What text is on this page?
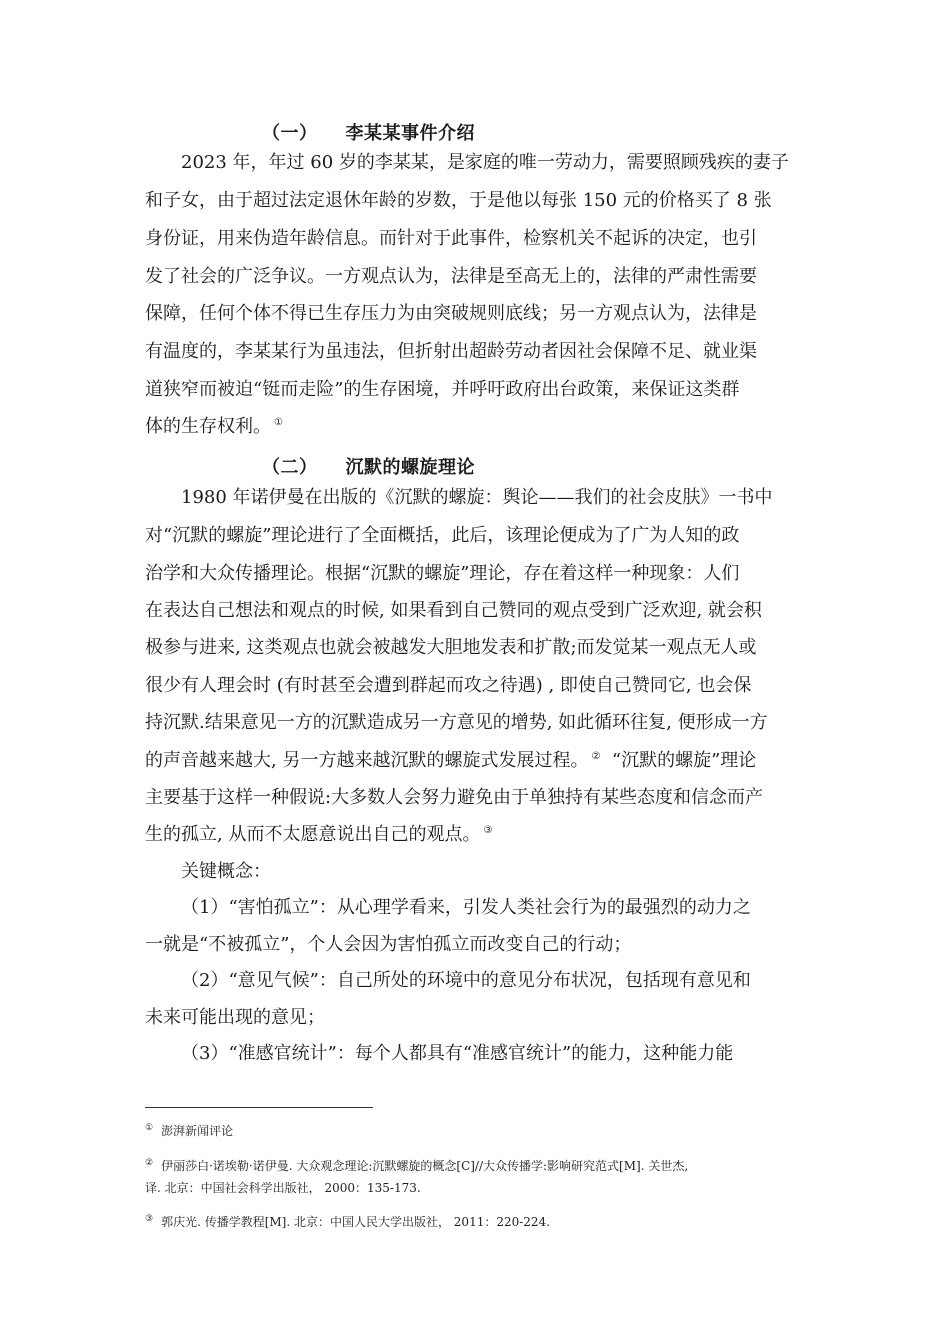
（一）　　李某某事件介绍
2023 年，年过 60 岁的李某某，是家庭的唯一劳动力，需要照顾残疾的妻子
和子女，由于超过法定退休年龄的岁数，于是他以每张 150 元的价格买了 8 张
身份证，用来伪造年龄信息。而针对于此事件，检察机关不起诉的决定，也引
发了社会的广泛争议。一方观点认为，法律是至高无上的，法律的严肃性需要
保障，任何个体不得已生存压力为由突破规则底线；另一方观点认为，法律是
有温度的，李某某行为虽违法，但折射出超龄劳动者因社会保障不足、就业渠
道狭窄而被迫“铤而走险”的生存困境，并呼吁政府出台政策，来保证这类群
体的生存权利。 ①
（二）　　沉默的螺旋理论
1980 年诺伊曼在出版的《沉默的螺旋：舆论——我们的社会皮肤》一书中
对“沉默的螺旋”理论进行了全面概括，此后，该理论便成为了广为人知的政
治学和大众传播理论。根据“沉默的螺旋”理论，存在着这样一种现象：人们
在表达自己想法和观点的时候, 如果看到自己赞同的观点受到广泛欢迎, 就会积
极参与进来, 这类观点也就会被越发大胆地发表和扩散;而发觉某一观点无人或
很少有人理会时 (有时甚至会遭到群起而攻之待遇) , 即使自己赞同它, 也会保
持沉默.结果意见一方的沉默造成另一方意见的增势, 如此循环往复, 便形成一方
的声音越来越大, 另一方越来越沉默的螺旋式发展过程。 ② “沉默的螺旋”理论
主要基于这样一种假说:大多数人会努力避免由于单独持有某些态度和信念而产
生的孤立, 从而不太愿意说出自己的观点。 ③
关键概念：
（1）“害怕孤立”：从心理学看来，引发人类社会行为的最强烈的动力之
一就是“不被孤立”，个人会因为害怕孤立而改变自己的行动；
（2）“意见气候”：自己所处的环境中的意见分布状况，包括现有意见和
未来可能出现的意见；
（3）“准感官统计”：每个人都具有“准感官统计”的能力，这种能力能
① 澎湃新闻评论
② 伊丽莎白·诺埃勒·诺伊曼. 大众观念理论:沉默螺旋的概念[C]//大众传播学:影响研究范式[M]. 关世杰,
译. 北京：中国社会科学出版社， 2000：135-173.
③ 郭庆光. 传播学教程[M]. 北京：中国人民大学出版社， 2011：220-224.
